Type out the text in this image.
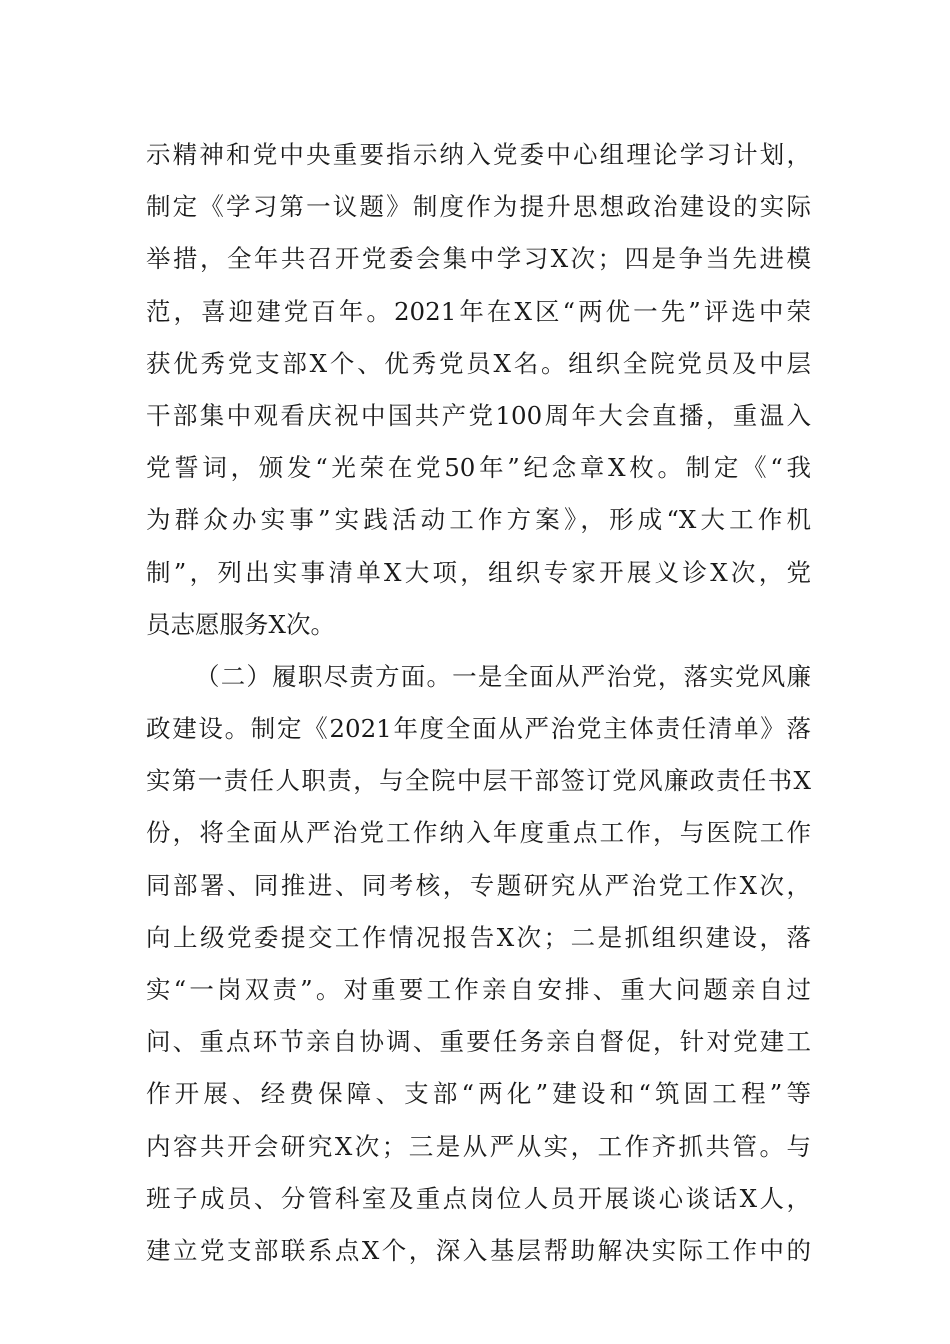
示精神和党中央重要指示纳入党委中心组理论学习计划，
制定《学习第一议题》制度作为提升思想政治建设的实际
举措，全年共召开党委会集中学习X次；四是争当先进模
范，喜迎建党百年。2021年在X区“两优一先”评选中荣
获优秀党支部X个、优秀党员X名。组织全院党员及中层
干部集中观看庆祝中国共产党100周年大会直播，重温入
党誓词，颁发“光荣在党50年”纪念章X枚。制定《“我
为群众办实事”实践活动工作方案》，形成“X大工作机
制”，列出实事清单X大项，组织专家开展义诊X次，党
员志愿服务X次。
（二）履职尽责方面。一是全面从严治党，落实党风廉
政建设。制定《2021年度全面从严治党主体责任清单》落
实第一责任人职责，与全院中层干部签订党风廉政责任书X
份，将全面从严治党工作纳入年度重点工作，与医院工作
同部署、同推进、同考核，专题研究从严治党工作X次，
向上级党委提交工作情况报告X次；二是抓组织建设，落
实“一岗双责”。对重要工作亲自安排、重大问题亲自过
问、重点环节亲自协调、重要任务亲自督促，针对党建工
作开展、经费保障、支部“两化”建设和“筑固工程”等
内容共开会研究X次；三是从严从实，工作齐抓共管。与
班子成员、分管科室及重点岗位人员开展谈心谈话X人，
建立党支部联系点X个，深入基层帮助解决实际工作中的
